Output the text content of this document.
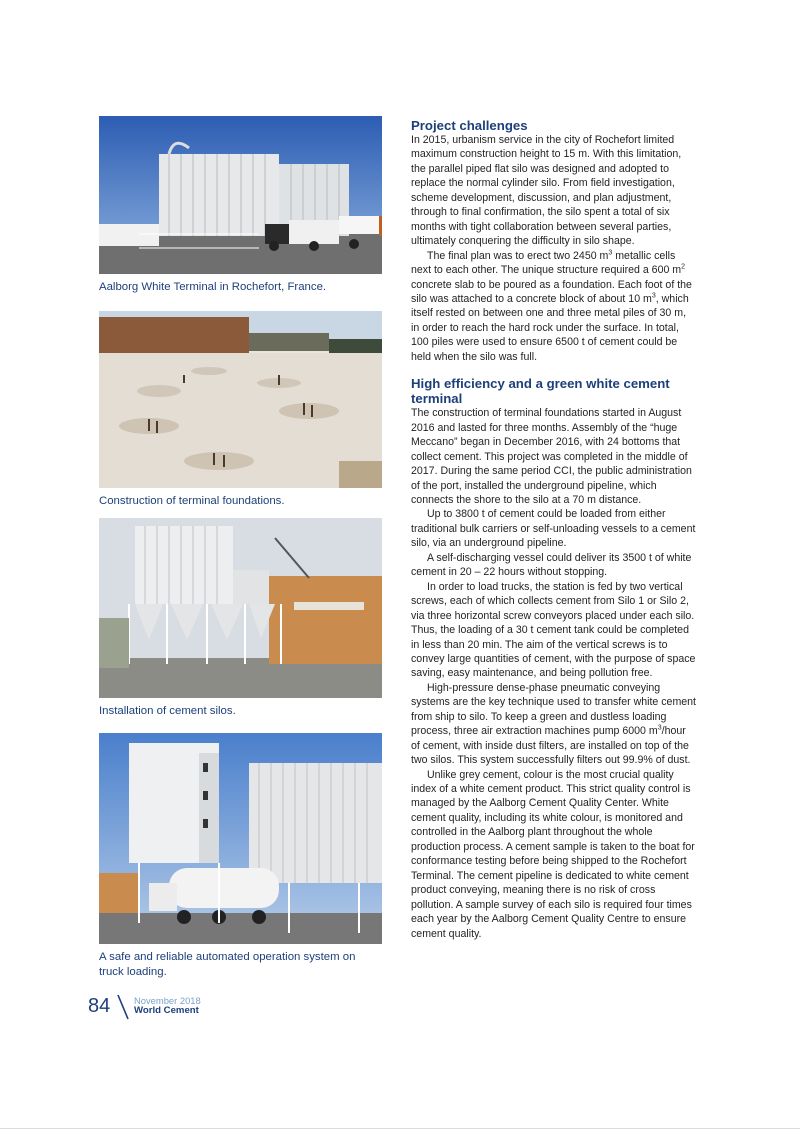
Aalborg White Terminal in Rochefort, France.
Construction of terminal foundations.
Installation of cement silos.
A safe and reliable automated operation system on truck loading.
Project challenges

In 2015, urbanism service in the city of Rochefort limited maximum construction height to 15 m. With this limitation, the parallel piped flat silo was designed and adopted to replace the normal cylinder silo. From field investigation, scheme development, discussion, and plan adjustment, through to final confirmation, the silo spent a total of six months with tight collaboration between several parties, ultimately conquering the difficulty in silo shape.

The final plan was to erect two 2450 $m^3$ metallic cells next to each other. The unique structure required a 600 $m^2$ concrete slab to be poured as a foundation. Each foot of the silo was attached to a concrete block of about 10 $m^3$, which itself rested on between one and three metal piles of 30 m, in order to reach the hard rock under the surface. In total, 100 piles were used to ensure 6500 t of cement could be held when the silo was full.

High efficiency and a green white cement terminal

The construction of terminal foundations started in August 2016 and lasted for three months. Assembly of the “huge Meccano” began in December 2016, with 24 bottoms that collect cement. This project was completed in the middle of 2017. During the same period CCI, the public administration of the port, installed the underground pipeline, which connects the shore to the silo at a 70 m distance.

Up to 3800 t of cement could be loaded from either traditional bulk carriers or self-unloading vessels to a cement silo, via an underground pipeline.

A self-discharging vessel could deliver its 3500 t of white cement in 20 – 22 hours without stopping.

In order to load trucks, the station is fed by two vertical screws, each of which collects cement from Silo 1 or Silo 2, via three horizontal screw conveyors placed under each silo. Thus, the loading of a 30 t cement tank could be completed in less than 20 min. The aim of the vertical screws is to convey large quantities of cement, with the purpose of space saving, easy maintenance, and being pollution free.

High-pressure dense-phase pneumatic conveying systems are the key technique used to transfer white cement from ship to silo. To keep a green and dustless loading process, three air extraction machines pump 6000 $m^3$/hour of cement, with inside dust filters, are installed on top of the two silos. This system successfully filters out 99.9% of dust.

Unlike grey cement, colour is the most crucial quality index of a white cement product. This strict quality control is managed by the Aalborg Cement Quality Center. White cement quality, including its white colour, is monitored and controlled in the Aalborg plant throughout the whole production process. A cement sample is taken to the boat for conformance testing before being shipped to the Rochefort Terminal. The cement pipeline is dedicated to white cement product conveying, meaning there is no risk of cross pollution. A sample survey of each silo is required four times each year by the Aalborg Cement Quality Centre to ensure cement quality.

84	November 2018
World Cement
